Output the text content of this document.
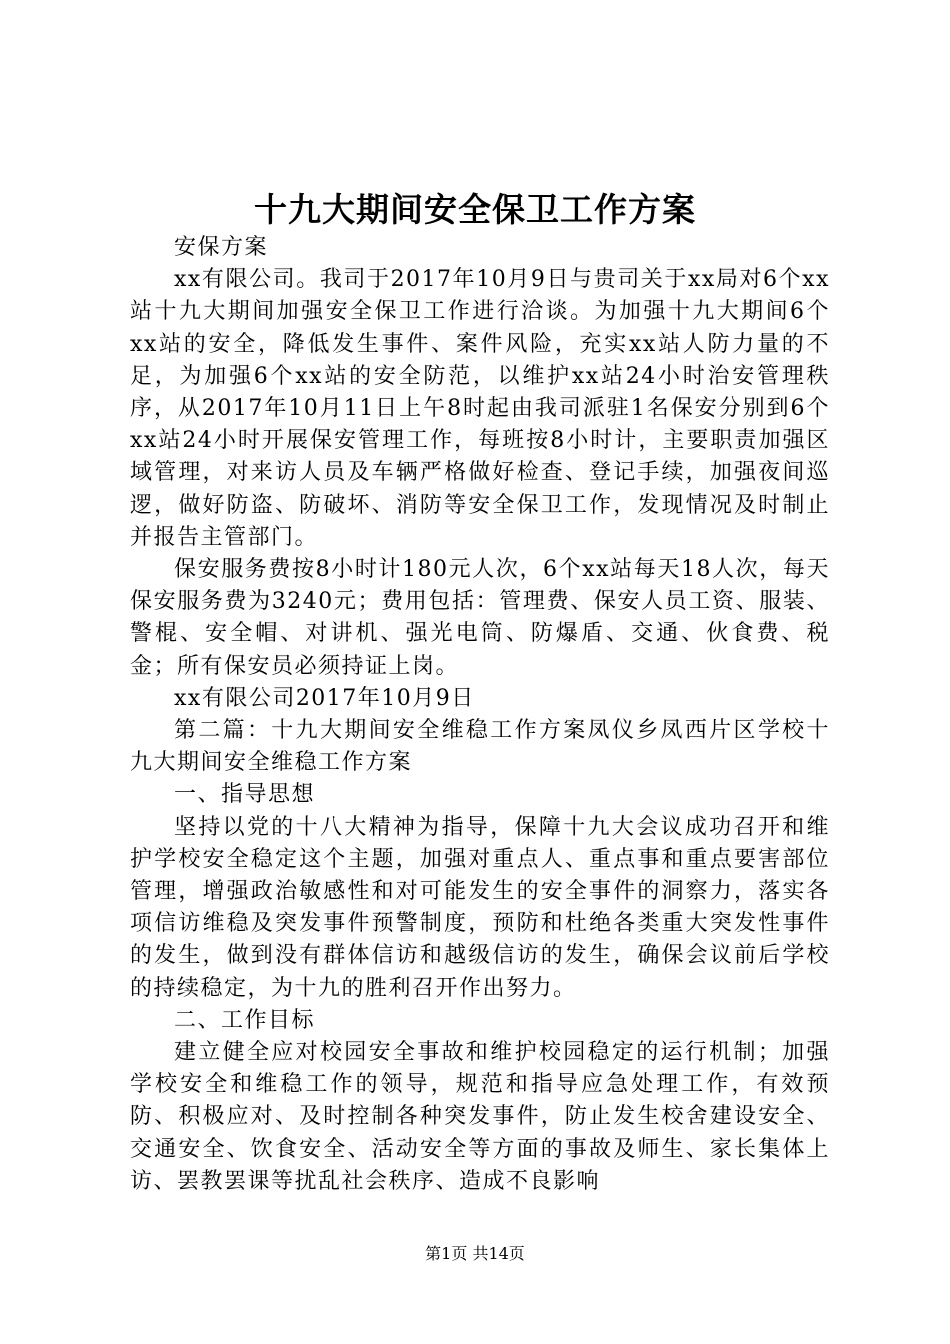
十九大期间安全保卫工作方案

安保方案

xx有限公司。我司于2017年10月9日与贵司关于xx局对6个xx站十九大期间加强安全保卫工作进行洽谈。为加强十九大期间6个xx站的安全，降低发生事件、案件风险，充实xx站人防力量的不足，为加强6个xx站的安全防范，以维护xx站24小时治安管理秩序，从2017年10月11日上午8时起由我司派驻1名保安分别到6个xx站24小时开展保安管理工作，每班按8小时计，主要职责加强区域管理，对来访人员及车辆严格做好检查、登记手续，加强夜间巡逻，做好防盗、防破坏、消防等安全保卫工作，发现情况及时制止并报告主管部门。

保安服务费按8小时计180元人次，6个xx站每天18人次，每天保安服务费为3240元；费用包括：管理费、保安人员工资、服装、警棍、安全帽、对讲机、强光电筒、防爆盾、交通、伙食费、税金；所有保安员必须持证上岗。

xx有限公司2017年10月9日

第二篇：十九大期间安全维稳工作方案凤仪乡凤西片区学校十九大期间安全维稳工作方案

一、指导思想

坚持以党的十八大精神为指导，保障十九大会议成功召开和维护学校安全稳定这个主题，加强对重点人、重点事和重点要害部位管理，增强政治敏感性和对可能发生的安全事件的洞察力，落实各项信访维稳及突发事件预警制度，预防和杜绝各类重大突发性事件的发生，做到没有群体信访和越级信访的发生，确保会议前后学校的持续稳定，为十九的胜利召开作出努力。

二、工作目标

建立健全应对校园安全事故和维护校园稳定的运行机制；加强学校安全和维稳工作的领导，规范和指导应急处理工作，有效预防、积极应对、及时控制各种突发事件，防止发生校舍建设安全、交通安全、饮食安全、活动安全等方面的事故及师生、家长集体上访、罢教罢课等扰乱社会秩序、造成不良影响

第1页 共14页
